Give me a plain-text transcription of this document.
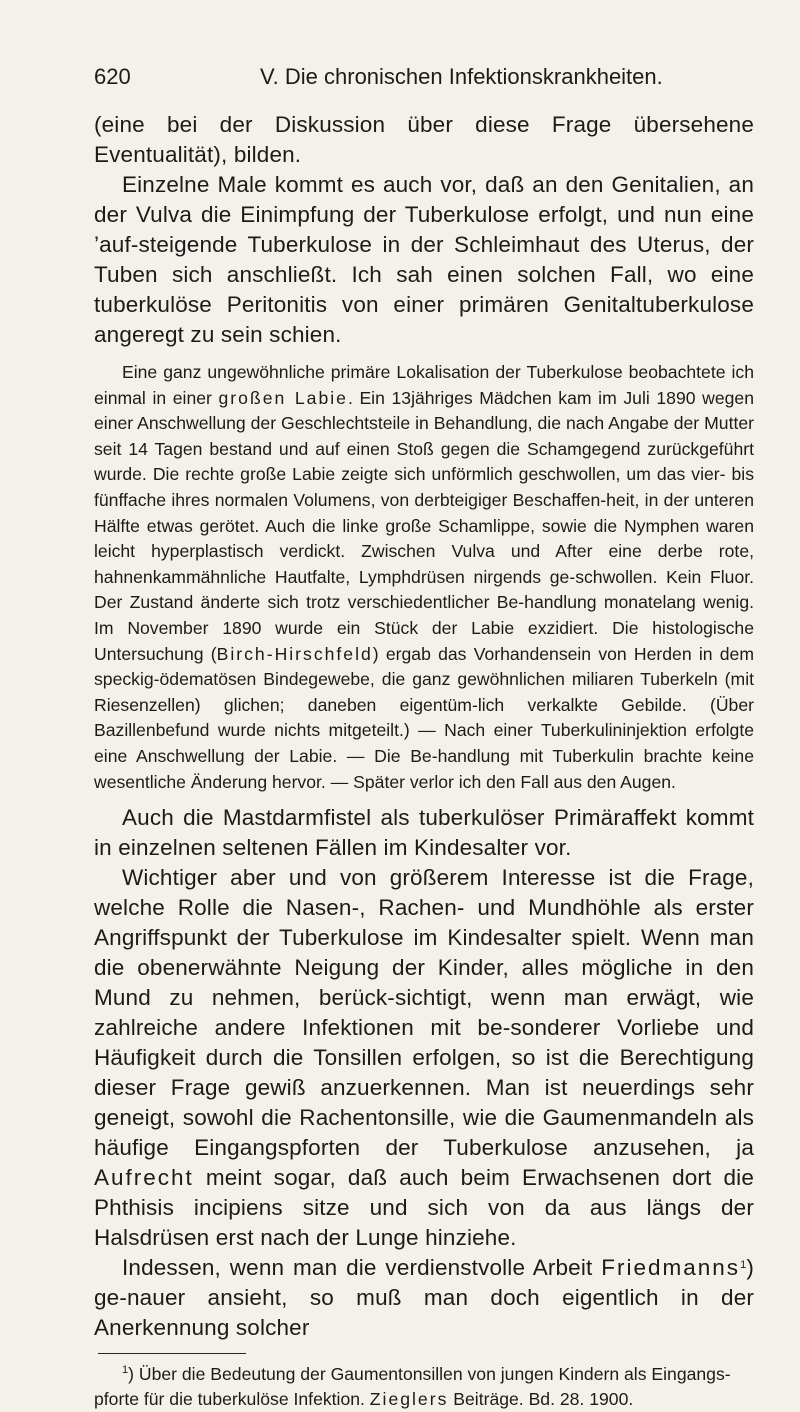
620	V. Die chronischen Infektionskrankheiten.

(eine bei der Diskussion über diese Frage übersehene Eventualität), bilden.

Einzelne Male kommt es auch vor, daß an den Genitalien, an der Vulva die Einimpfung der Tuberkulose erfolgt, und nun eine ’auf-steigende Tuberkulose in der Schleimhaut des Uterus, der Tuben sich anschließt. Ich sah einen solchen Fall, wo eine tuberkulöse Peritonitis von einer primären Genitaltuberkulose angeregt zu sein schien.

Eine ganz ungewöhnliche primäre Lokalisation der Tuberkulose beobachtete ich einmal in einer großen Labie. Ein 13jähriges Mädchen kam im Juli 1890 wegen einer Anschwellung der Geschlechtsteile in Behandlung, die nach Angabe der Mutter seit 14 Tagen bestand und auf einen Stoß gegen die Schamgegend zurückgeführt wurde. Die rechte große Labie zeigte sich unförmlich geschwollen, um das vier- bis fünffache ihres normalen Volumens, von derbteigiger Beschaffen-heit, in der unteren Hälfte etwas gerötet. Auch die linke große Schamlippe, sowie die Nymphen waren leicht hyperplastisch verdickt. Zwischen Vulva und After eine derbe rote, hahnenkammähnliche Hautfalte, Lymphdrüsen nirgends ge-schwollen. Kein Fluor. Der Zustand änderte sich trotz verschiedentlicher Be-handlung monatelang wenig. Im November 1890 wurde ein Stück der Labie exzidiert. Die histologische Untersuchung (Birch-Hirschfeld) ergab das Vorhandensein von Herden in dem speckig-ödematösen Bindegewebe, die ganz gewöhnlichen miliaren Tuberkeln (mit Riesenzellen) glichen; daneben eigentüm-lich verkalkte Gebilde. (Über Bazillenbefund wurde nichts mitgeteilt.) — Nach einer Tuberkulininjektion erfolgte eine Anschwellung der Labie. — Die Be-handlung mit Tuberkulin brachte keine wesentliche Änderung hervor. — Später verlor ich den Fall aus den Augen.

Auch die Mastdarmfistel als tuberkulöser Primäraffekt kommt in einzelnen seltenen Fällen im Kindesalter vor.

Wichtiger aber und von größerem Interesse ist die Frage, welche Rolle die Nasen-, Rachen- und Mundhöhle als erster Angriffspunkt der Tuberkulose im Kindesalter spielt. Wenn man die obenerwähnte Neigung der Kinder, alles mögliche in den Mund zu nehmen, berück-sichtigt, wenn man erwägt, wie zahlreiche andere Infektionen mit be-sonderer Vorliebe und Häufigkeit durch die Tonsillen erfolgen, so ist die Berechtigung dieser Frage gewiß anzuerkennen. Man ist neuerdings sehr geneigt, sowohl die Rachentonsille, wie die Gaumenmandeln als häufige Eingangspforten der Tuberkulose anzusehen, ja Aufrecht meint sogar, daß auch beim Erwachsenen dort die Phthisis incipiens sitze und sich von da aus längs der Halsdrüsen erst nach der Lunge hinziehe.

Indessen, wenn man die verdienstvolle Arbeit Friedmanns$^1$) ge-nauer ansieht, so muß man doch eigentlich in der Anerkennung solcher

$^1$) Über die Bedeutung der Gaumentonsillen von jungen Kindern als Eingangs-pforte für die tuberkulöse Infektion. Zieglers Beiträge. Bd. 28. 1900.
